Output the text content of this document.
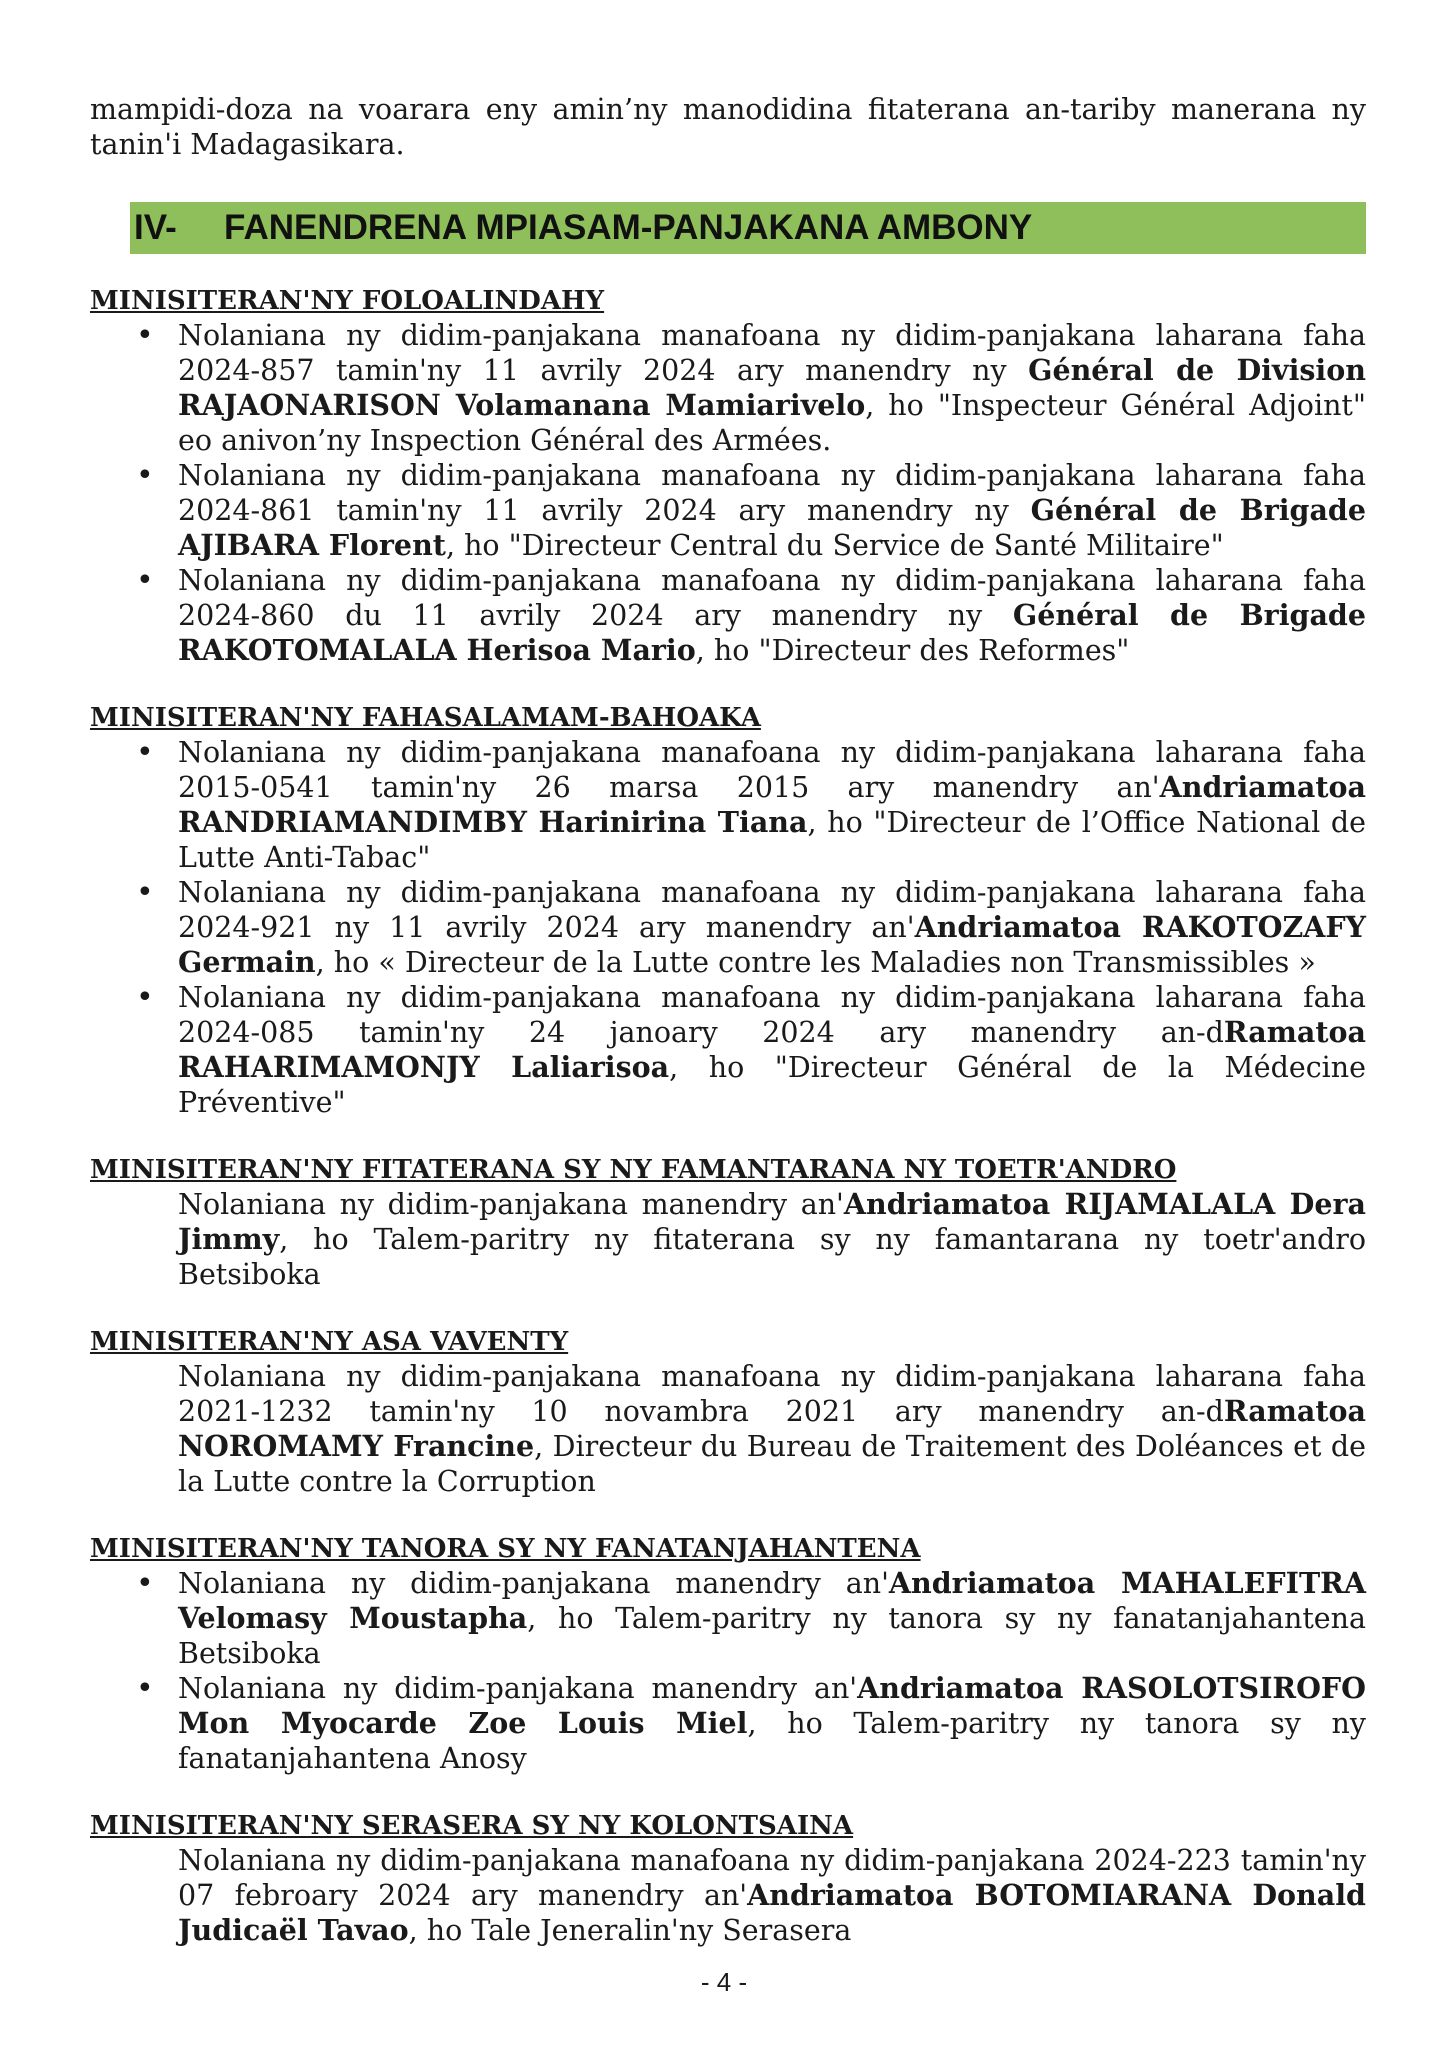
mampidi-doza na voarara eny amin’ny manodidina fitaterana an-tariby manerana ny tanin'i Madagasikara.

IV- FANENDRENA MPIASAM-PANJAKANA AMBONY

MINISITERAN'NY FOLOALINDAHY

• Nolaniana ny didim-panjakana manafoana ny didim-panjakana laharana faha 2024-857 tamin'ny 11 avrily 2024 ary manendry ny Général de Division RAJAONARISON Volamanana Mamiarivelo, ho "Inspecteur Général Adjoint" eo anivon’ny Inspection Général des Armées.
• Nolaniana ny didim-panjakana manafoana ny didim-panjakana laharana faha 2024-861 tamin'ny 11 avrily 2024 ary manendry ny Général de Brigade AJIBARA Florent, ho "Directeur Central du Service de Santé Militaire"
• Nolaniana ny didim-panjakana manafoana ny didim-panjakana laharana faha 2024-860 du 11 avrily 2024 ary manendry ny Général de Brigade RAKOTOMALALA Herisoa Mario, ho "Directeur des Reformes"

MINISITERAN'NY FAHASALAMAM-BAHOAKA

• Nolaniana ny didim-panjakana manafoana ny didim-panjakana laharana faha 2015-0541 tamin'ny 26 marsa 2015 ary manendry an'Andriamatoa RANDRIAMANDIMBY Harinirina Tiana, ho "Directeur de l’Office National de Lutte Anti-Tabac"
• Nolaniana ny didim-panjakana manafoana ny didim-panjakana laharana faha 2024-921 ny 11 avrily 2024 ary manendry an'Andriamatoa RAKOTOZAFY Germain, ho « Directeur de la Lutte contre les Maladies non Transmissibles »
• Nolaniana ny didim-panjakana manafoana ny didim-panjakana laharana faha 2024-085 tamin'ny 24 janoary 2024 ary manendry an-dRamatoa RAHARIMAMONJY Laliarisoa, ho "Directeur Général de la Médecine Préventive"

MINISITERAN'NY FITATERANA SY NY FAMANTARANA NY TOETR'ANDRO

Nolaniana ny didim-panjakana manendry an'Andriamatoa RIJAMALALA Dera Jimmy, ho Talem-paritry ny fitaterana sy ny famantarana ny toetr'andro Betsiboka

MINISITERAN'NY ASA VAVENTY

Nolaniana ny didim-panjakana manafoana ny didim-panjakana laharana faha 2021-1232 tamin'ny 10 novambra 2021 ary manendry an-dRamatoa NOROMAMY Francine, Directeur du Bureau de Traitement des Doléances et de la Lutte contre la Corruption

MINISITERAN'NY TANORA SY NY FANATANJAHANTENA

• Nolaniana ny didim-panjakana manendry an'Andriamatoa MAHALEFITRA Velomasy Moustapha, ho Talem-paritry ny tanora sy ny fanatanjahantena Betsiboka
• Nolaniana ny didim-panjakana manendry an'Andriamatoa RASOLOTSIROFO Mon Myocarde Zoe Louis Miel, ho Talem-paritry ny tanora sy ny fanatanjahantena Anosy

MINISITERAN'NY SERASERA SY NY KOLONTSAINA

Nolaniana ny didim-panjakana manafoana ny didim-panjakana 2024-223 tamin'ny 07 febroary 2024 ary manendry an'Andriamatoa BOTOMIARANA Donald Judicaël Tavao, ho Tale Jeneralin'ny Serasera

- 4 -
